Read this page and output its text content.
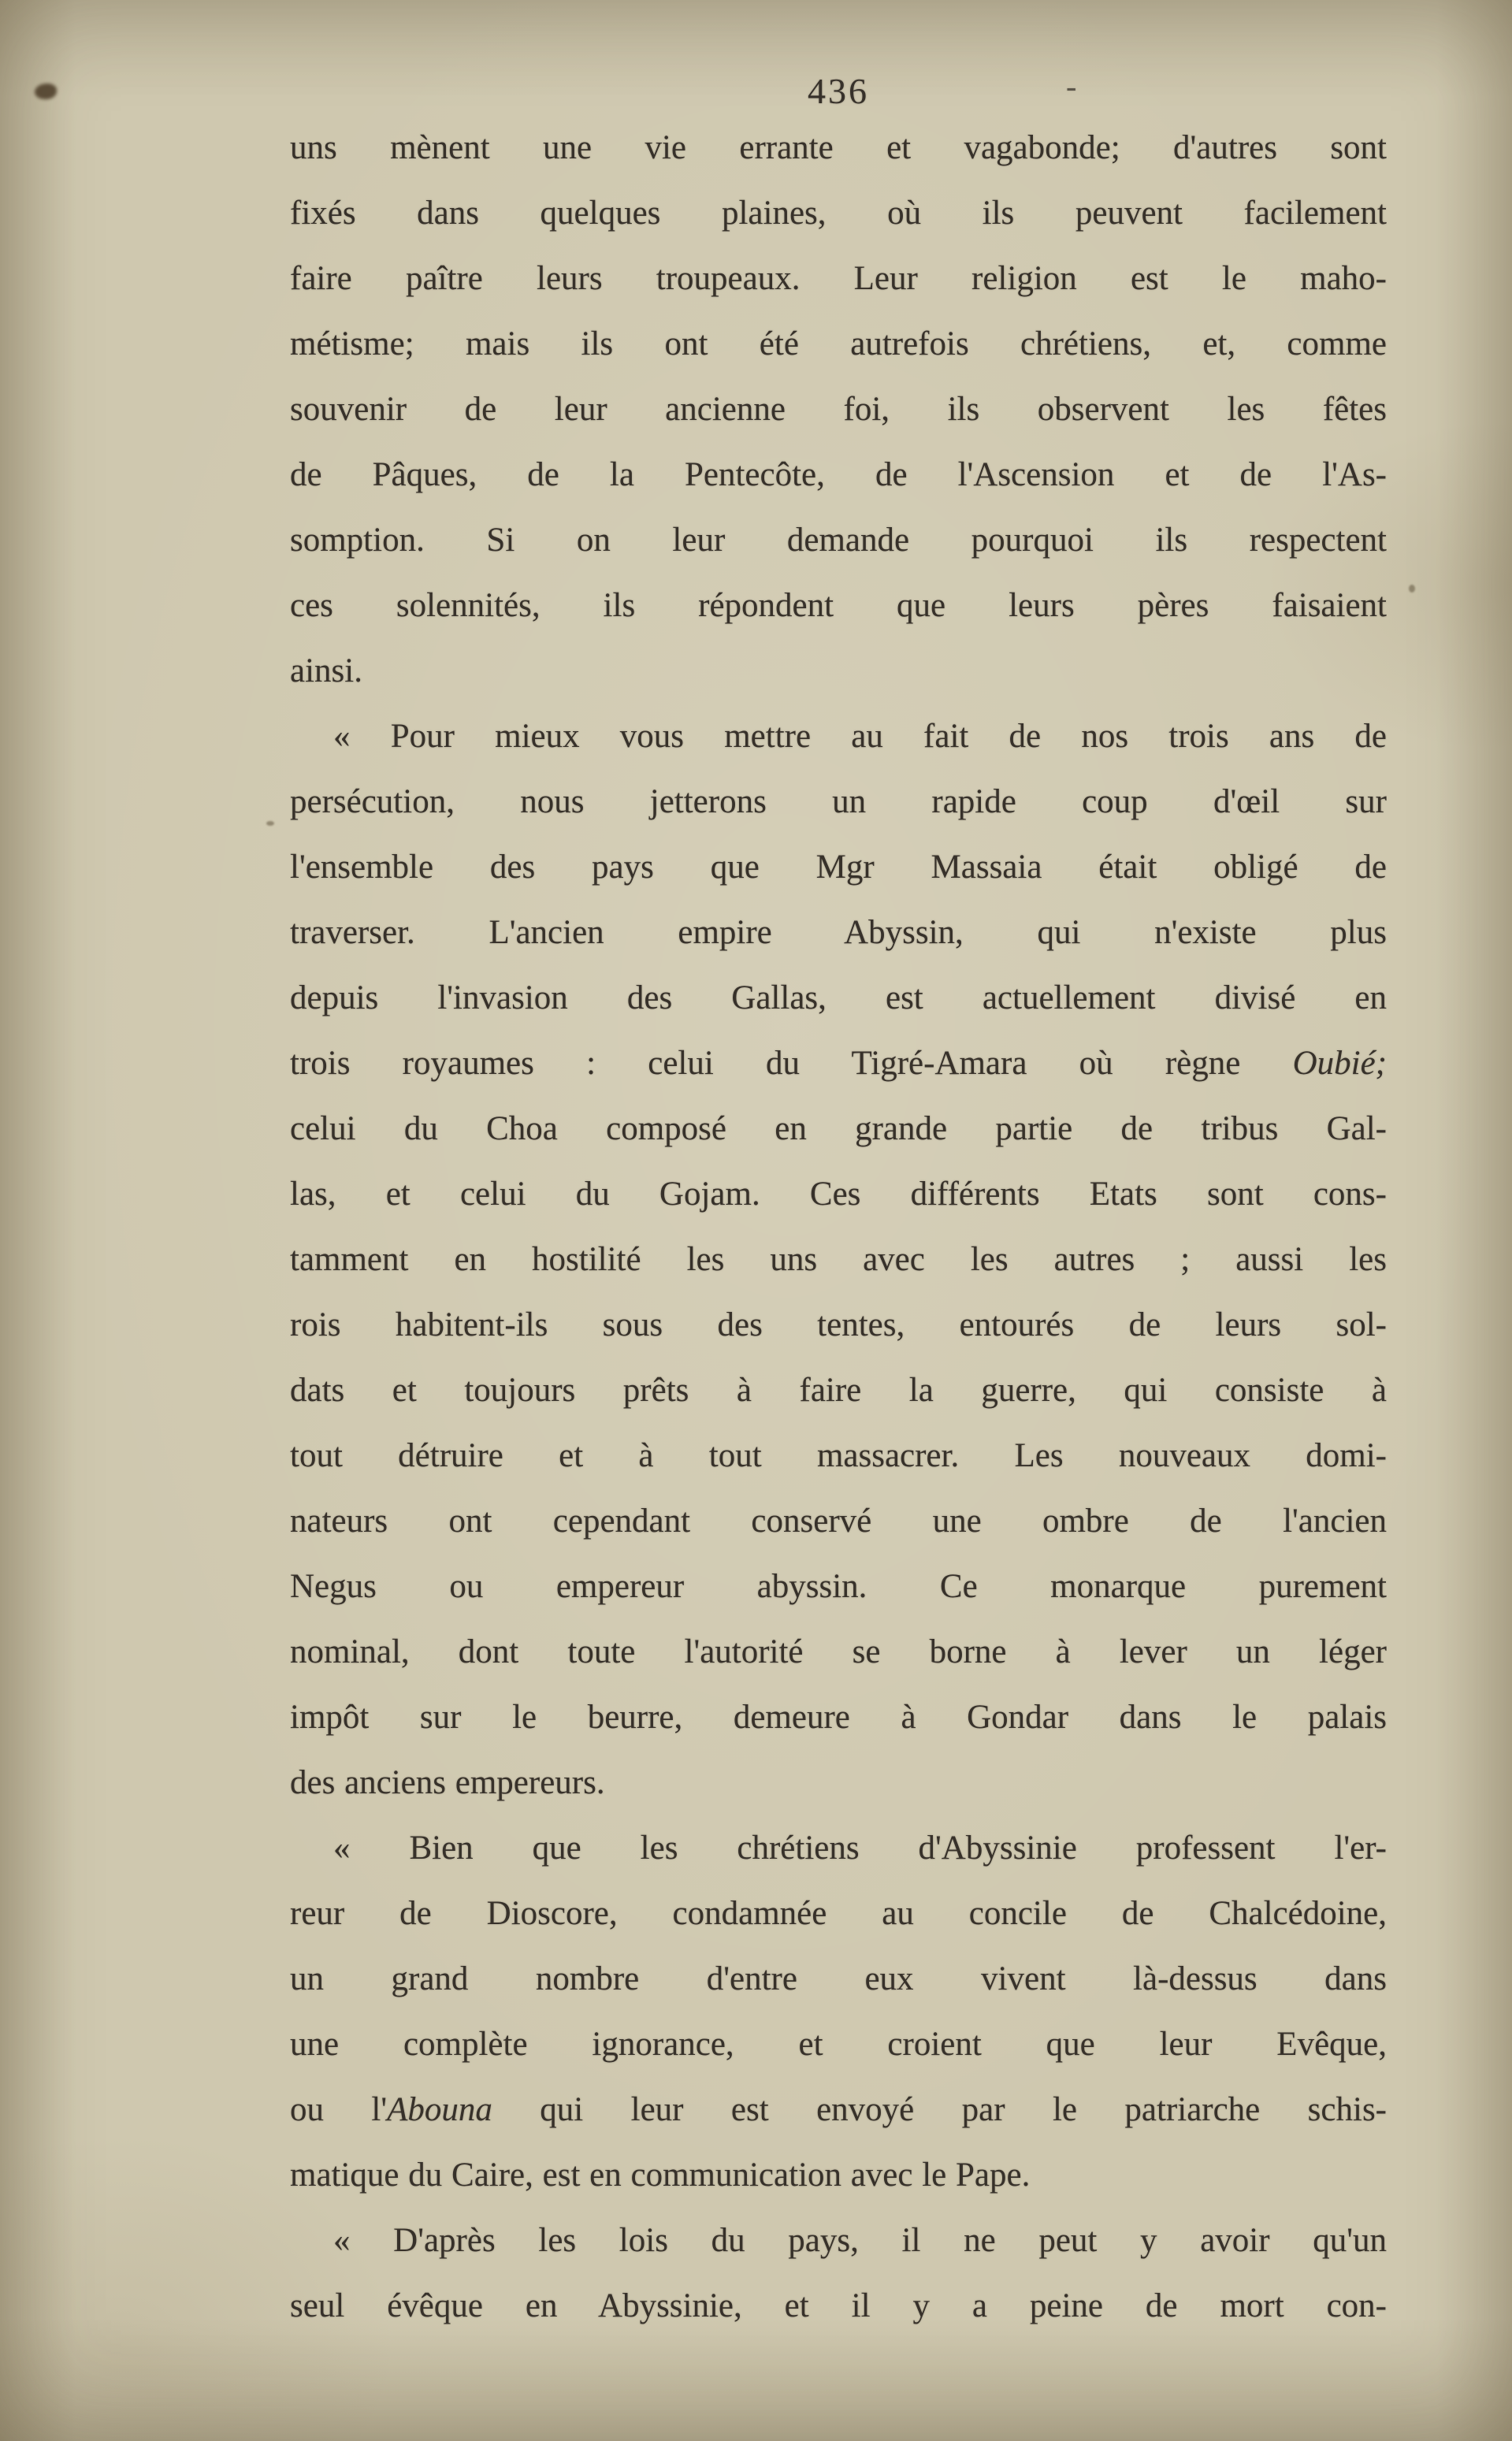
436	-
uns mènent une vie errante et vagabonde; d'autres sont
fixés dans quelques plaines, où ils peuvent facilement
faire paître leurs troupeaux. Leur religion est le maho-
métisme; mais ils ont été autrefois chrétiens, et, comme
souvenir de leur ancienne foi, ils observent les fêtes
de Pâques, de la Pentecôte, de l'Ascension et de l'As-
somption. Si on leur demande pourquoi ils respectent
ces solennités, ils répondent que leurs pères faisaient
ainsi.
« Pour mieux vous mettre au fait de nos trois ans de
persécution, nous jetterons un rapide coup d'œil sur
l'ensemble des pays que Mgr Massaia était obligé de
traverser. L'ancien empire Abyssin, qui n'existe plus
depuis l'invasion des Gallas, est actuellement divisé en
trois royaumes : celui du Tigré-Amara où règne Oubié;
celui du Choa composé en grande partie de tribus Gal-
las, et celui du Gojam. Ces différents Etats sont cons-
tamment en hostilité les uns avec les autres ; aussi les
rois habitent-ils sous des tentes, entourés de leurs sol-
dats et toujours prêts à faire la guerre, qui consiste à
tout détruire et à tout massacrer. Les nouveaux domi-
nateurs ont cependant conservé une ombre de l'ancien
Negus ou empereur abyssin. Ce monarque purement
nominal, dont toute l'autorité se borne à lever un léger
impôt sur le beurre, demeure à Gondar dans le palais
des anciens empereurs.
« Bien que les chrétiens d'Abyssinie professent l'er-
reur de Dioscore, condamnée au concile de Chalcédoine,
un grand nombre d'entre eux vivent là-dessus dans
une complète ignorance, et croient que leur Evêque,
ou l'Abouna qui leur est envoyé par le patriarche schis-
matique du Caire, est en communication avec le Pape.
« D'après les lois du pays, il ne peut y avoir qu'un
seul évêque en Abyssinie, et il y a peine de mort con-
